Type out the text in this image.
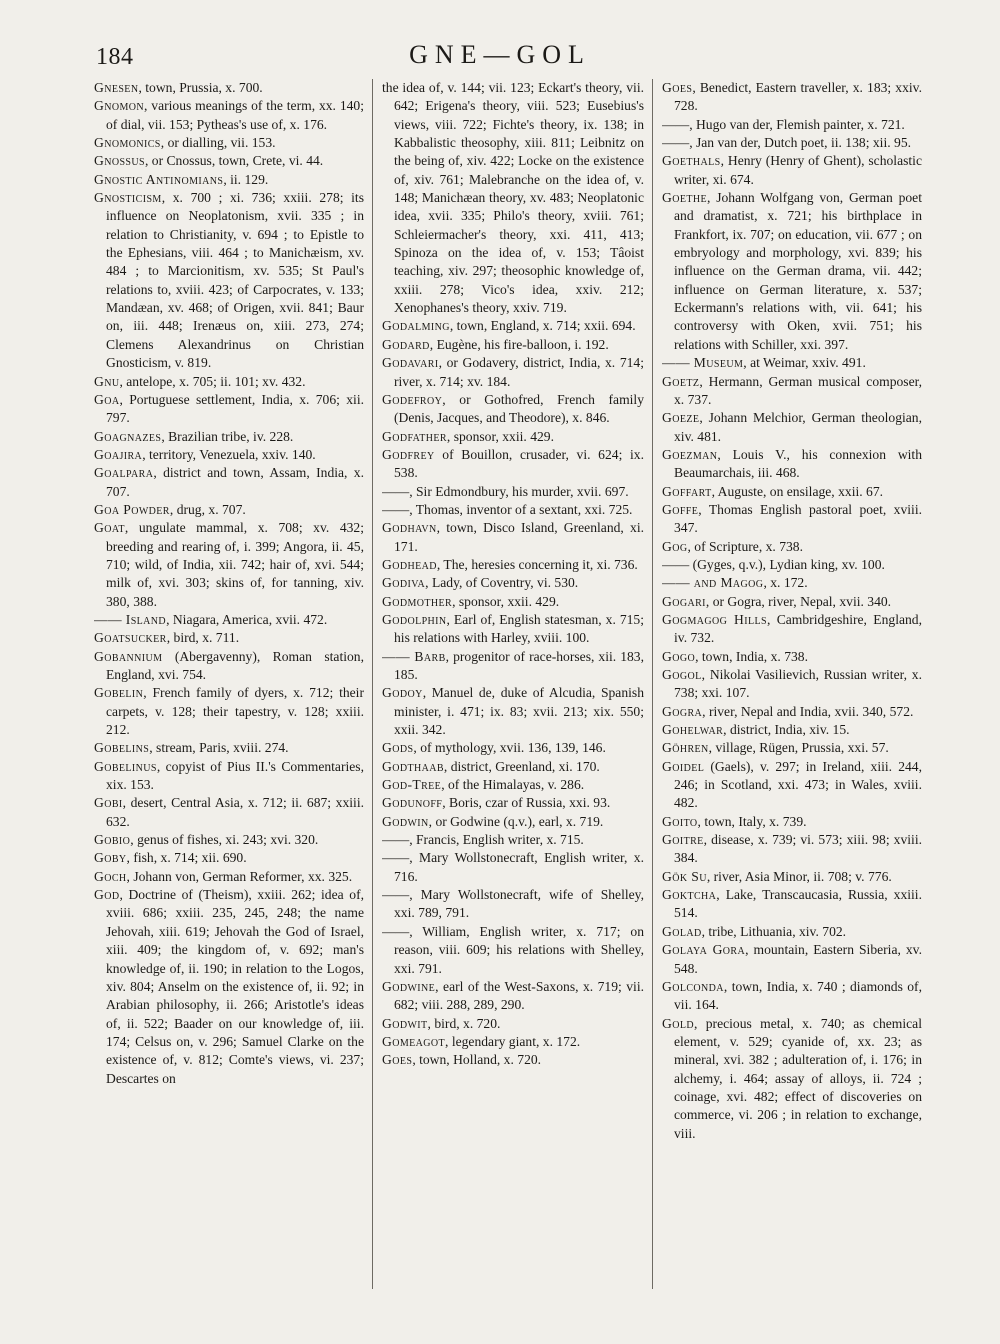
184	GNE—GOL

Gnesen, town, Prussia, x. 700.

Gnomon, various meanings of the term, xx. 140; of dial, vii. 153; Pytheas's use of, x. 176.

Gnomonics, or dialling, vii. 153.

Gnossus, or Cnossus, town, Crete, vi. 44.

Gnostic Antinomians, ii. 129.

Gnosticism, x. 700 ; xi. 736; xxiii. 278; its influence on Neoplatonism, xvii. 335 ; in relation to Christianity, v. 694 ; to Epistle to the Ephesians, viii. 464 ; to Manichæism, xv. 484 ; to Marcionitism, xv. 535; St Paul's relations to, xviii. 423; of Carpocrates, v. 133; Mandæan, xv. 468; of Origen, xvii. 841; Baur on, iii. 448; Irenæus on, xiii. 273, 274; Clemens Alexandrinus on Christian Gnosticism, v. 819.

Gnu, antelope, x. 705; ii. 101; xv. 432.

Goa, Portuguese settlement, India, x. 706; xii. 797.

Goagnazes, Brazilian tribe, iv. 228.

Goajira, territory, Venezuela, xxiv. 140.

Goalpara, district and town, Assam, India, x. 707.

Goa Powder, drug, x. 707.

Goat, ungulate mammal, x. 708; xv. 432; breeding and rearing of, i. 399; Angora, ii. 45, 710; wild, of India, xii. 742; hair of, xvi. 544; milk of, xvi. 303; skins of, for tanning, xiv. 380, 388.

—— Island, Niagara, America, xvii. 472.

Goatsucker, bird, x. 711.

Gobannium (Abergavenny), Roman station, England, xvi. 754.

Gobelin, French family of dyers, x. 712; their carpets, v. 128; their tapestry, v. 128; xxiii. 212.

Gobelins, stream, Paris, xviii. 274.

Gobelinus, copyist of Pius II.'s Commentaries, xix. 153.

Gobi, desert, Central Asia, x. 712; ii. 687; xxiii. 632.

Gobio, genus of fishes, xi. 243; xvi. 320.

Goby, fish, x. 714; xii. 690.

Goch, Johann von, German Reformer, xx. 325.

God, Doctrine of (Theism), xxiii. 262; idea of, xviii. 686; xxiii. 235, 245, 248; the name Jehovah, xiii. 619; Jehovah the God of Israel, xiii. 409; the kingdom of, v. 692; man's knowledge of, ii. 190; in relation to the Logos, xiv. 804; Anselm on the existence of, ii. 92; in Arabian philosophy, ii. 266; Aristotle's ideas of, ii. 522; Baader on our knowledge of, iii. 174; Celsus on, v. 296; Samuel Clarke on the existence of, v. 812; Comte's views, vi. 237; Descartes on

the idea of, v. 144; vii. 123; Eckart's theory, vii. 642; Erigena's theory, viii. 523; Eusebius's views, viii. 722; Fichte's theory, ix. 138; in Kabbalistic theosophy, xiii. 811; Leibnitz on the being of, xiv. 422; Locke on the existence of, xiv. 761; Malebranche on the idea of, v. 148; Manichæan theory, xv. 483; Neoplatonic idea, xvii. 335; Philo's theory, xviii. 761; Schleiermacher's theory, xxi. 411, 413; Spinoza on the idea of, v. 153; Tâoist teaching, xiv. 297; theosophic knowledge of, xxiii. 278; Vico's idea, xxiv. 212; Xenophanes's theory, xxiv. 719.

Godalming, town, England, x. 714; xxii. 694.

Godard, Eugène, his fire-balloon, i. 192.

Godavari, or Godavery, district, India, x. 714; river, x. 714; xv. 184.

Godefroy, or Gothofred, French family (Denis, Jacques, and Theodore), x. 846.

Godfather, sponsor, xxii. 429.

Godfrey of Bouillon, crusader, vi. 624; ix. 538.

——, Sir Edmondbury, his murder, xvii. 697.

——, Thomas, inventor of a sextant, xxi. 725.

Godhavn, town, Disco Island, Greenland, xi. 171.

Godhead, The, heresies concerning it, xi. 736.

Godiva, Lady, of Coventry, vi. 530.

Godmother, sponsor, xxii. 429.

Godolphin, Earl of, English statesman, x. 715; his relations with Harley, xviii. 100.

—— Barb, progenitor of race-horses, xii. 183, 185.

Godoy, Manuel de, duke of Alcudia, Spanish minister, i. 471; ix. 83; xvii. 213; xix. 550; xxii. 342.

Gods, of mythology, xvii. 136, 139, 146.

Godthaab, district, Greenland, xi. 170.

God-Tree, of the Himalayas, v. 286.

Godunoff, Boris, czar of Russia, xxi. 93.

Godwin, or Godwine (q.v.), earl, x. 719.

——, Francis, English writer, x. 715.

——, Mary Wollstonecraft, English writer, x. 716.

——, Mary Wollstonecraft, wife of Shelley, xxi. 789, 791.

——, William, English writer, x. 717; on reason, viii. 609; his relations with Shelley, xxi. 791.

Godwine, earl of the West-Saxons, x. 719; vii. 682; viii. 288, 289, 290.

Godwit, bird, x. 720.

Gomeagot, legendary giant, x. 172.

Goes, town, Holland, x. 720.

Goes, Benedict, Eastern traveller, x. 183; xxiv. 728.

——, Hugo van der, Flemish painter, x. 721.

——, Jan van der, Dutch poet, ii. 138; xii. 95.

Goethals, Henry (Henry of Ghent), scholastic writer, xi. 674.

Goethe, Johann Wolfgang von, German poet and dramatist, x. 721; his birthplace in Frankfort, ix. 707; on education, vii. 677 ; on embryology and morphology, xvi. 839; his influence on the German drama, vii. 442; influence on German literature, x. 537; Eckermann's relations with, vii. 641; his controversy with Oken, xvii. 751; his relations with Schiller, xxi. 397.

—— Museum, at Weimar, xxiv. 491.

Goetz, Hermann, German musical composer, x. 737.

Goeze, Johann Melchior, German theologian, xiv. 481.

Goezman, Louis V., his connexion with Beaumarchais, iii. 468.

Goffart, Auguste, on ensilage, xxii. 67.

Goffe, Thomas English pastoral poet, xviii. 347.

Gog, of Scripture, x. 738.

—— (Gyges, q.v.), Lydian king, xv. 100.

—— and Magog, x. 172.

Gogari, or Gogra, river, Nepal, xvii. 340.

Gogmagog Hills, Cambridgeshire, England, iv. 732.

Gogo, town, India, x. 738.

Gogol, Nikolai Vasilievich, Russian writer, x. 738; xxi. 107.

Gogra, river, Nepal and India, xvii. 340, 572.

Gohelwar, district, India, xiv. 15.

Göhren, village, Rügen, Prussia, xxi. 57.

Goidel (Gaels), v. 297; in Ireland, xiii. 244, 246; in Scotland, xxi. 473; in Wales, xviii. 482.

Goito, town, Italy, x. 739.

Goitre, disease, x. 739; vi. 573; xiii. 98; xviii. 384.

Gök Su, river, Asia Minor, ii. 708; v. 776.

Goktcha, Lake, Transcaucasia, Russia, xxiii. 514.

Golad, tribe, Lithuania, xiv. 702.

Golaya Gora, mountain, Eastern Siberia, xv. 548.

Golconda, town, India, x. 740 ; diamonds of, vii. 164.

Gold, precious metal, x. 740; as chemical element, v. 529; cyanide of, xx. 23; as mineral, xvi. 382 ; adulteration of, i. 176; in alchemy, i. 464; assay of alloys, ii. 724 ; coinage, xvi. 482; effect of discoveries on commerce, vi. 206 ; in relation to exchange, viii.
